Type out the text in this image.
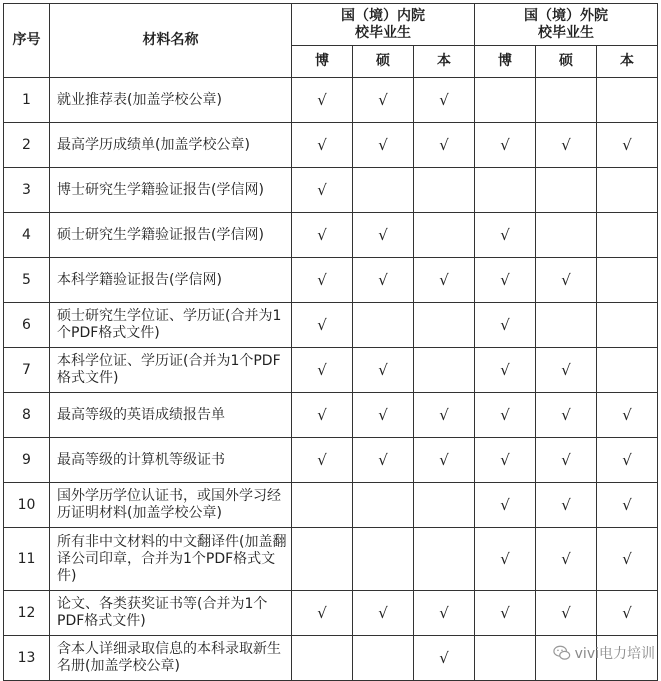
序号	材料名称	国（境）内院校毕业生			国（境）外院校毕业生		
		博	硕	本	博	硕	本
1	就业推荐表(加盖学校公章)	√	√	√			
2	最高学历成绩单(加盖学校公章)	√	√	√	√	√	√
3	博士研究生学籍验证报告(学信网)	√					
4	硕士研究生学籍验证报告(学信网)	√	√		√		
5	本科学籍验证报告(学信网)	√	√	√	√	√	
6	硕士研究生学位证、学历证(合并为1个PDF格式文件)	√			√		
7	本科学位证、学历证(合并为1个PDF格式文件)	√	√		√	√	
8	最高等级的英语成绩报告单	√	√	√	√	√	√
9	最高等级的计算机等级证书	√	√	√	√	√	√
10	国外学历学位认证书，或国外学习经历证明材料(加盖学校公章)				√	√	√
11	所有非中文材料的中文翻译件(加盖翻译公司印章，合并为1个PDF格式文件)				√	√	√
12	论文、各类获奖证书等(合并为1个PDF格式文件)	√	√	√	√	√	√
13	含本人详细录取信息的本科录取新生名册(加盖学校公章)			√				vivi电力培训
